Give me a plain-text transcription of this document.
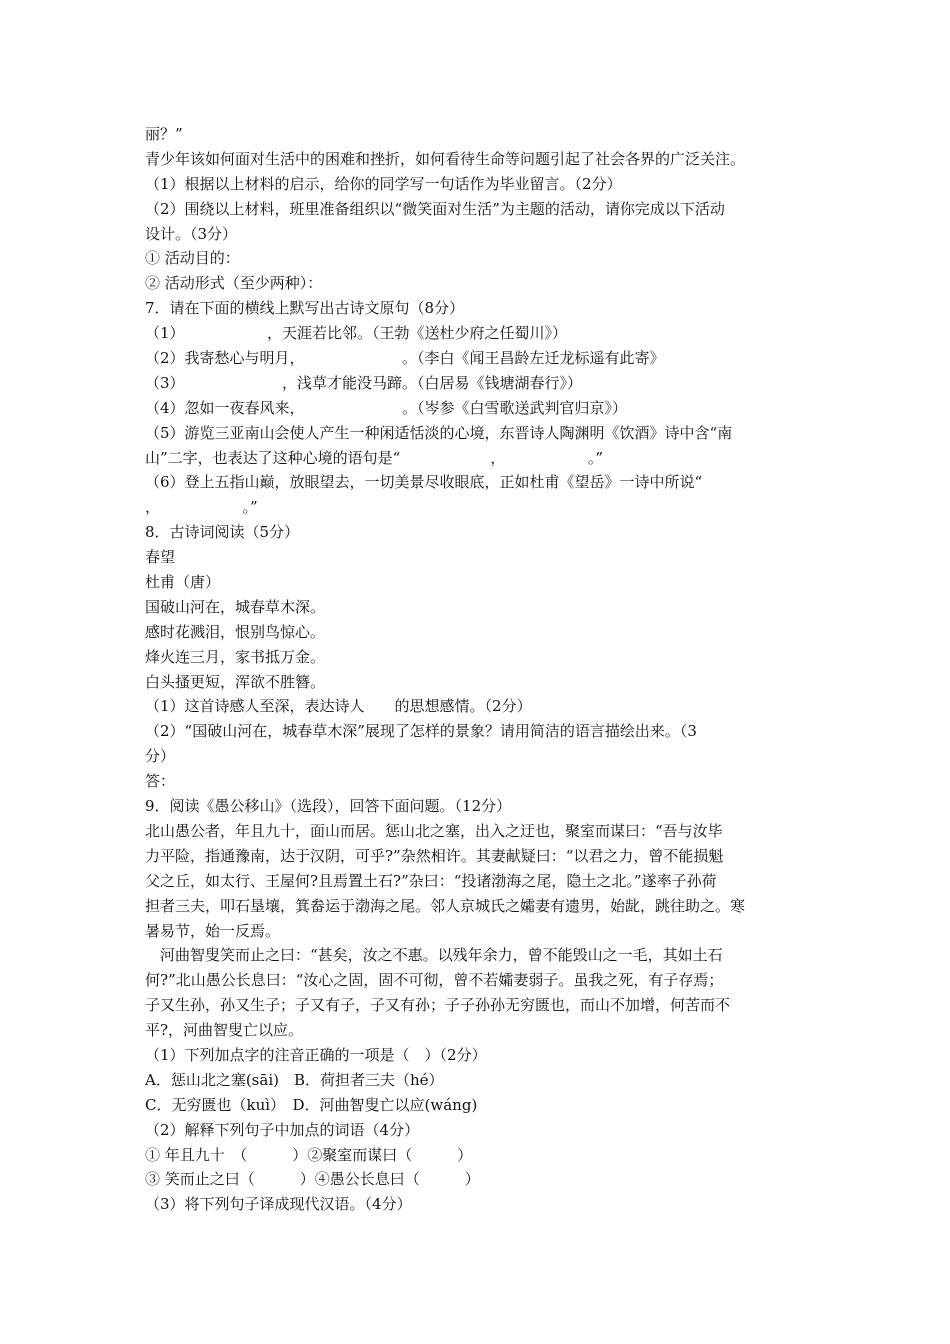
丽？”
青少年该如何面对生活中的困难和挫折，如何看待生命等问题引起了社会各界的广泛关注。
（1）根据以上材料的启示，给你的同学写一句话作为毕业留言。（2分）
（2）围绕以上材料，班里准备组织以“微笑面对生活”为主题的活动，请你完成以下活动
设计。（3分）
① 活动目的：
② 活动形式（至少两种）：
7．请在下面的横线上默写出古诗文原句（8分）
（1）　　　　　　，天涯若比邻。（王勃《送杜少府之任蜀川》）
（2）我寄愁心与明月，　　　　　　　。（李白《闻王昌龄左迁龙标遥有此寄》
（3）　　　　　　　，浅草才能没马蹄。（白居易《钱塘湖春行》）
（4）忽如一夜春风来，　　　　　　　。（岑参《白雪歌送武判官归京》）
（5）游览三亚南山会使人产生一种闲适恬淡的心境，东晋诗人陶渊明《饮酒》诗中含“南
山”二字，也表达了这种心境的语句是“　　　　　　，　　　　　　。”
（6）登上五指山巅，放眼望去，一切美景尽收眼底，正如杜甫《望岳》一诗中所说“
，　　　　　　。”
8．古诗词阅读（5分）
春望
杜甫（唐）
国破山河在，城春草木深。
感时花溅泪，恨别鸟惊心。
烽火连三月，家书抵万金。
白头搔更短，浑欲不胜簪。
（1）这首诗感人至深，表达诗人　　的思想感情。（2分）
（2）“国破山河在，城春草木深”展现了怎样的景象？请用简洁的语言描绘出来。（3
分）
答：
9．阅读《愚公移山》（选段），回答下面问题。（12分）
北山愚公者，年且九十，面山而居。惩山北之塞，出入之迂也，聚室而谋曰：“吾与汝毕
力平险，指通豫南，达于汉阴，可乎?”杂然相许。其妻献疑曰：“以君之力，曾不能损魁
父之丘，如太行、王屋何?且焉置土石?”杂曰：“投诸渤海之尾，隐土之北。”遂率子孙荷
担者三夫，叩石垦壤，箕畚运于渤海之尾。邻人京城氏之孀妻有遗男，始龀，跳往助之。寒
暑易节，始一反焉。
　河曲智叟笑而止之曰：“甚矣，汝之不惠。以残年余力，曾不能毁山之一毛，其如土石
何?”北山愚公长息曰：“汝心之固，固不可彻，曾不若孀妻弱子。虽我之死，有子存焉；
子又生孙，孙又生子；子又有子，子又有孙；子子孙孙无穷匮也，而山不加增，何苦而不
平?，河曲智叟亡以应。
（1）下列加点字的注音正确的一项是（　）（2分）
A．惩山北之塞(sāi)　B．荷担者三夫（hé）
C．无穷匮也（kuì）　D．河曲智叟亡以应(wáng)
（2）解释下列句子中加点的词语（4分）
① 年且九十　（　　　）②聚室而谋曰（　　　）
③ 笑而止之曰（　　　）④愚公长息曰（　　　）
（3）将下列句子译成现代汉语。（4分）
